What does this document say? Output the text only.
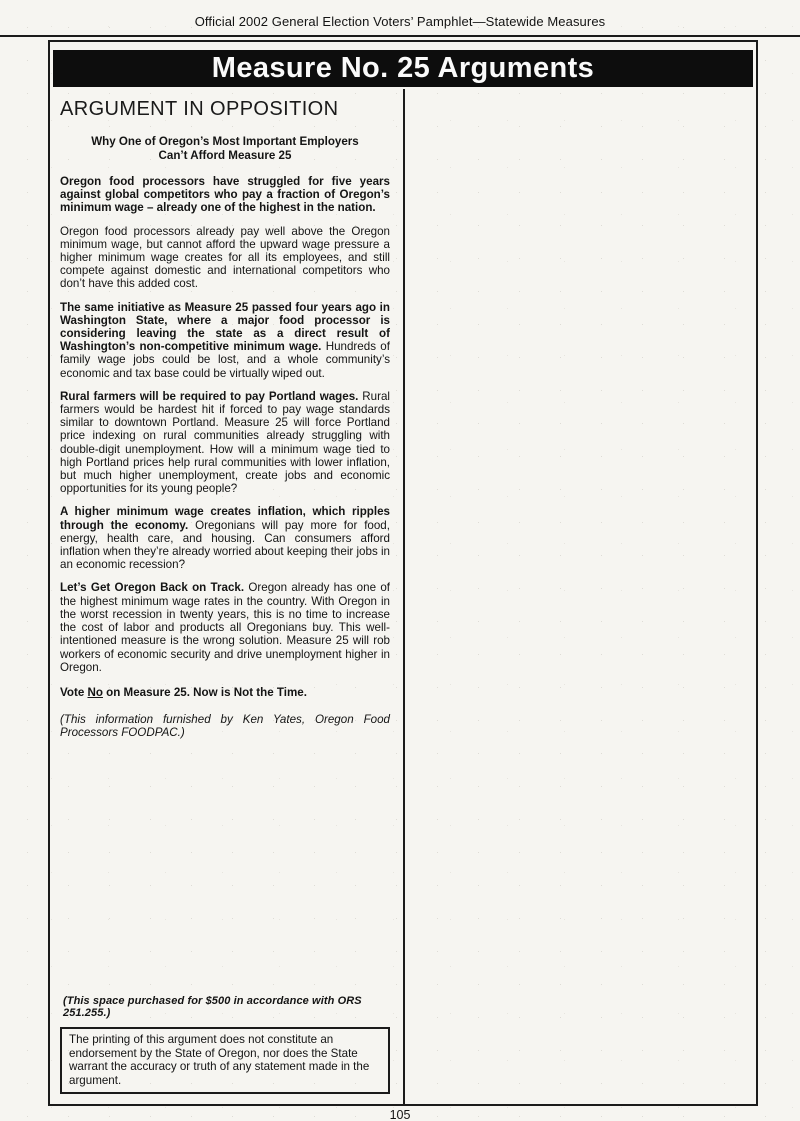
Official 2002 General Election Voters’ Pamphlet—Statewide Measures
Measure No. 25 Arguments
ARGUMENT IN OPPOSITION
Why One of Oregon’s Most Important Employers
Can’t Afford Measure 25

Oregon food processors have struggled for five years against global competitors who pay a fraction of Oregon’s minimum wage – already one of the highest in the nation.

Oregon food processors already pay well above the Oregon minimum wage, but cannot afford the upward wage pressure a higher minimum wage creates for all its employees, and still compete against domestic and international competitors who don’t have this added cost.

The same initiative as Measure 25 passed four years ago in Washington State, where a major food processor is considering leaving the state as a direct result of Washington’s non-competitive minimum wage. Hundreds of family wage jobs could be lost, and a whole community’s economic and tax base could be virtually wiped out.

Rural farmers will be required to pay Portland wages. Rural farmers would be hardest hit if forced to pay wage standards similar to downtown Portland. Measure 25 will force Portland price indexing on rural communities already struggling with double-digit unemployment. How will a minimum wage tied to high Portland prices help rural communities with lower inflation, but much higher unemployment, create jobs and economic opportunities for its young people?

A higher minimum wage creates inflation, which ripples through the economy. Oregonians will pay more for food, energy, health care, and housing. Can consumers afford inflation when they’re already worried about keeping their jobs in an economic recession?

Let’s Get Oregon Back on Track. Oregon already has one of the highest minimum wage rates in the country. With Oregon in the worst recession in twenty years, this is no time to increase the cost of labor and products all Oregonians buy. This well-intentioned measure is the wrong solution. Measure 25 will rob workers of economic security and drive unemployment higher in Oregon.

Vote No on Measure 25. Now is Not the Time.

(This information furnished by Ken Yates, Oregon Food Processors FOODPAC.)

(This space purchased for $500 in accordance with ORS 251.255.)
The printing of this argument does not constitute an endorsement by the State of Oregon, nor does the State warrant the accuracy or truth of any statement made in the argument.
105
